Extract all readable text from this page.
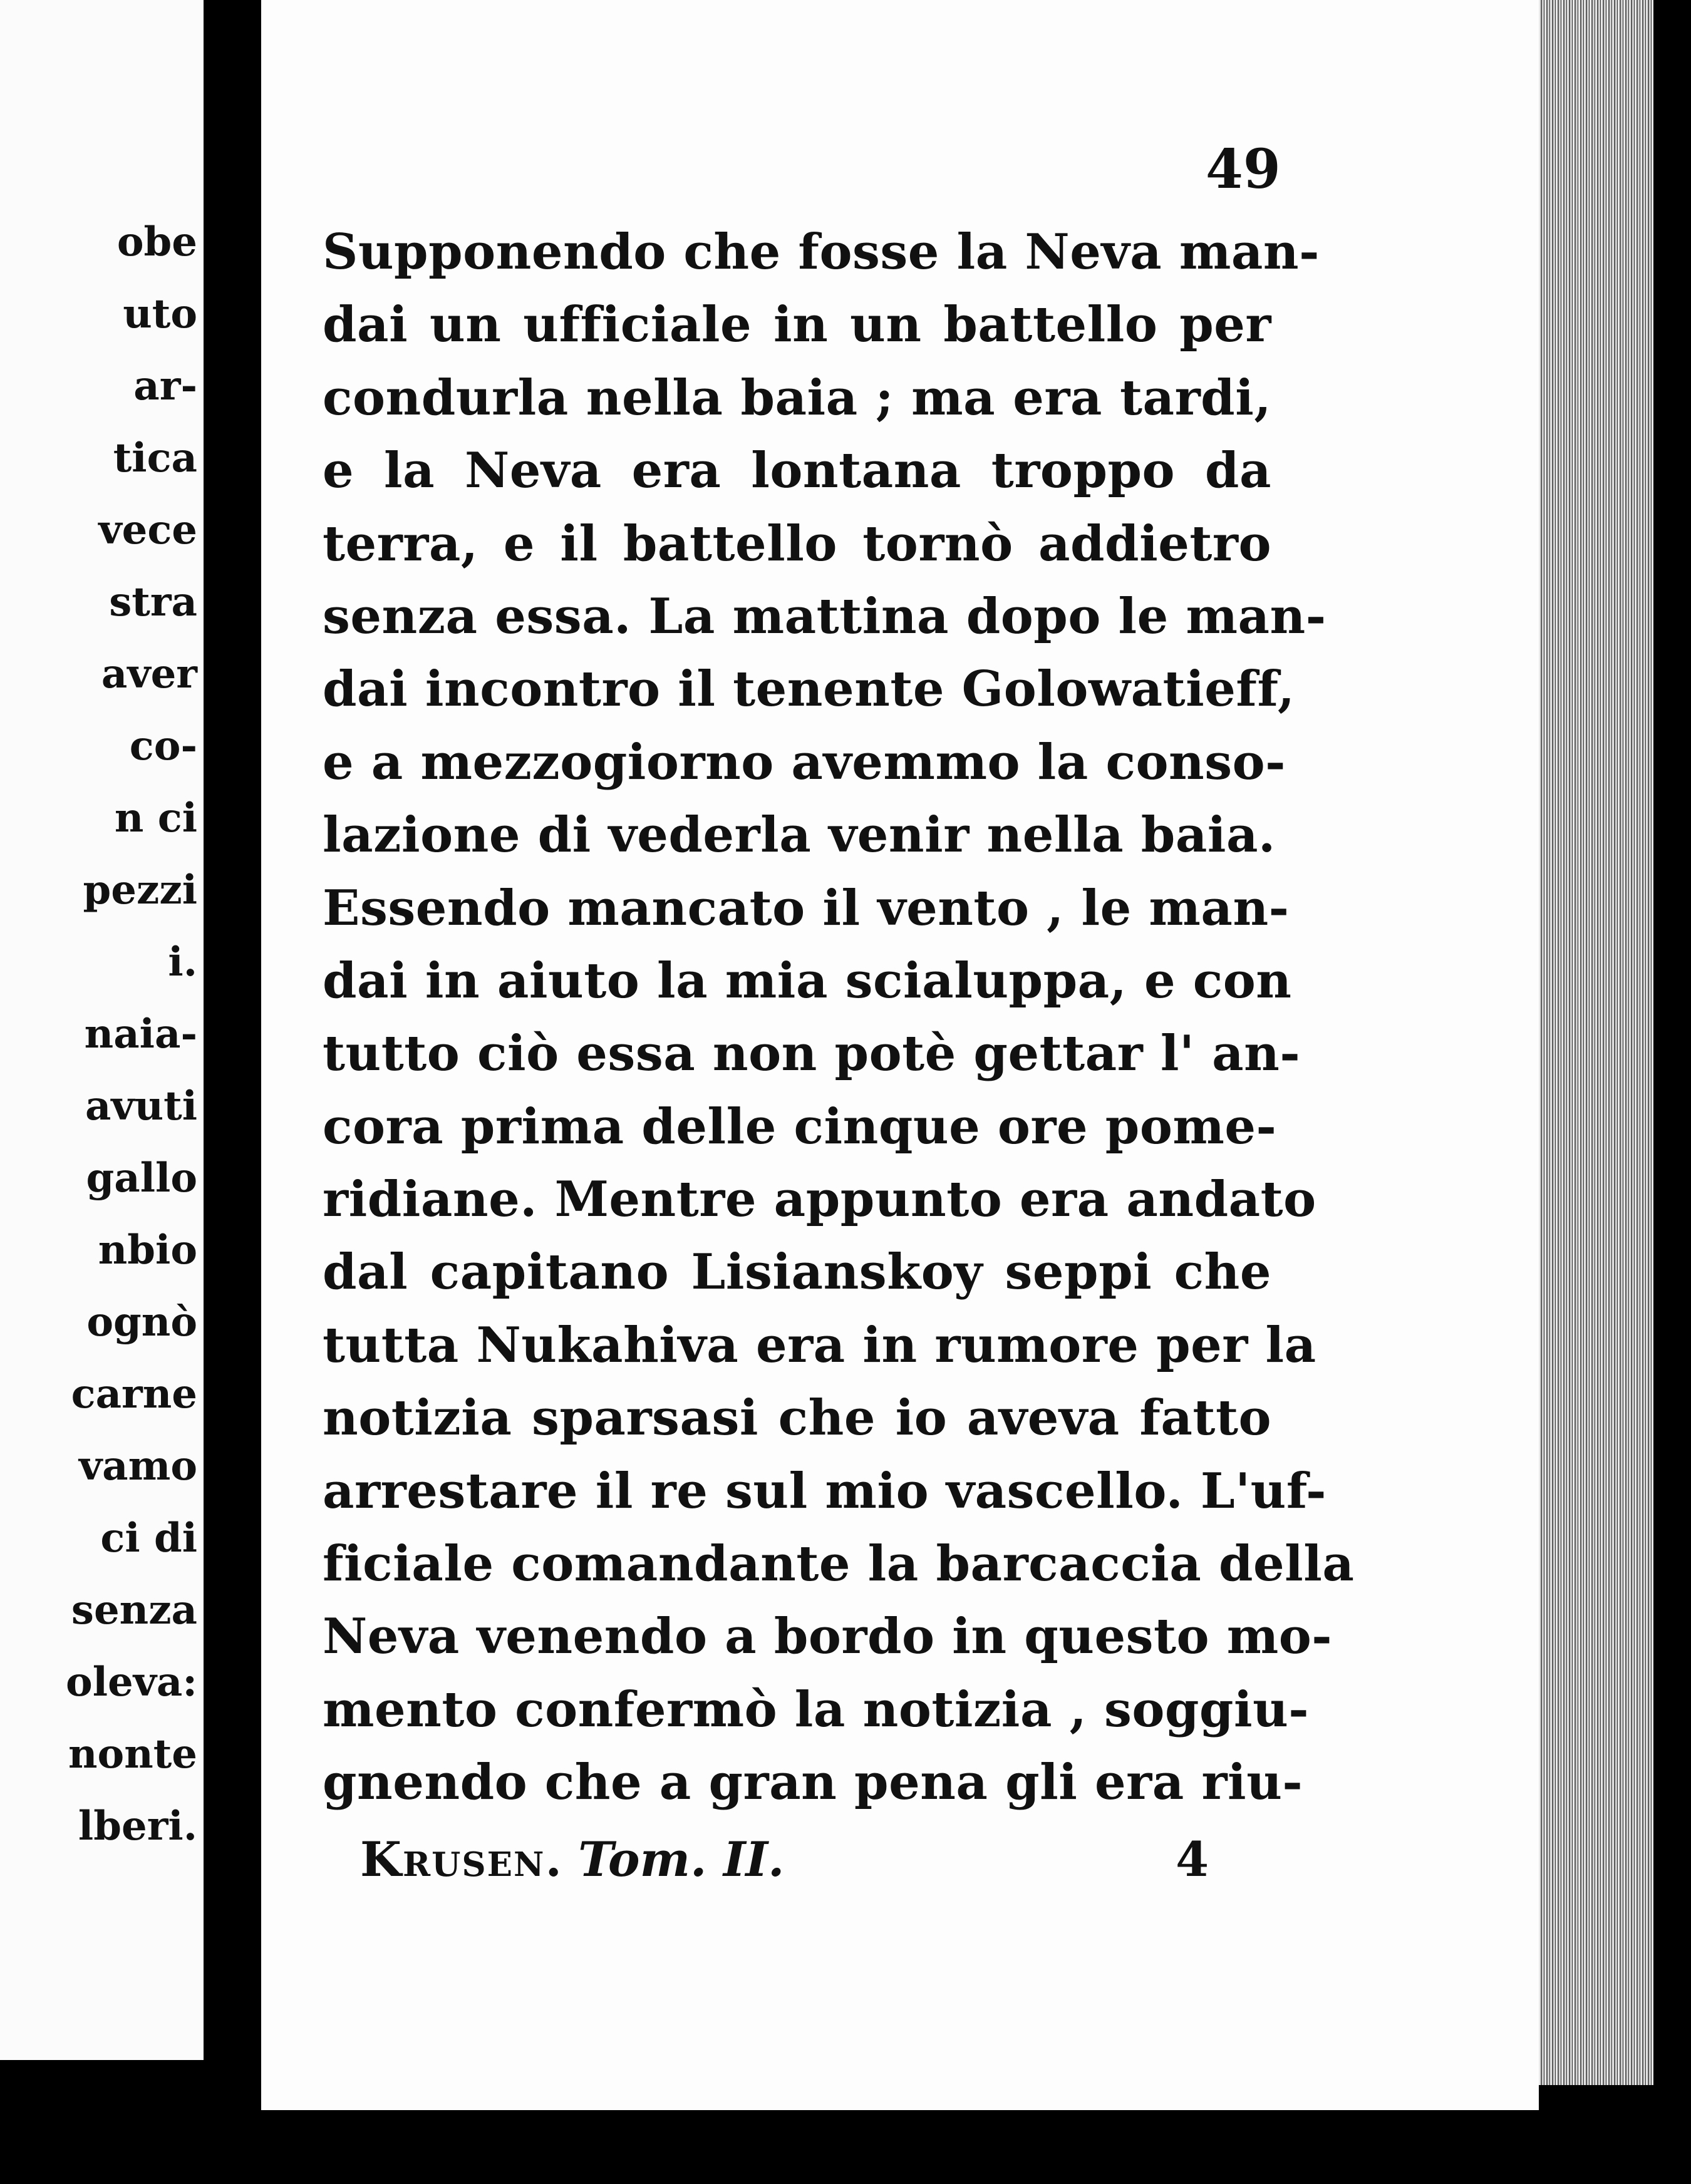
obe
uto
ar-
tica
vece
stra
aver
co-
n ci
pezzi
i.
naia-
avuti
gallo
nbio
ognò
carne
vamo
ci di
senza
oleva:
nonte
lberi.
49
Supponendo che fosse la Neva man-
dai un ufficiale in un battello per
condurla nella baia ; ma era tardi,
e la Neva era lontana troppo da
terra, e il battello tornò addietro
senza essa. La mattina dopo le man-
dai incontro il tenente Golowatieff,
e a mezzogiorno avemmo la conso-
lazione di vederla venir nella baia.
Essendo mancato il vento , le man-
dai in aiuto la mia scialuppa, e con
tutto ciò essa non potè gettar l' an-
cora prima delle cinque ore pome-
ridiane. Mentre appunto era andato
dal capitano Lisianskoy seppi che
tutta Nukahiva era in rumore per la
notizia sparsasi che io aveva fatto
arrestare il re sul mio vascello. L'uf-
ficiale comandante la barcaccia della
Neva venendo a bordo in questo mo-
mento confermò la notizia , soggiu-
gnendo che a gran pena gli era riu-
Krusen. Tom. II.	4
